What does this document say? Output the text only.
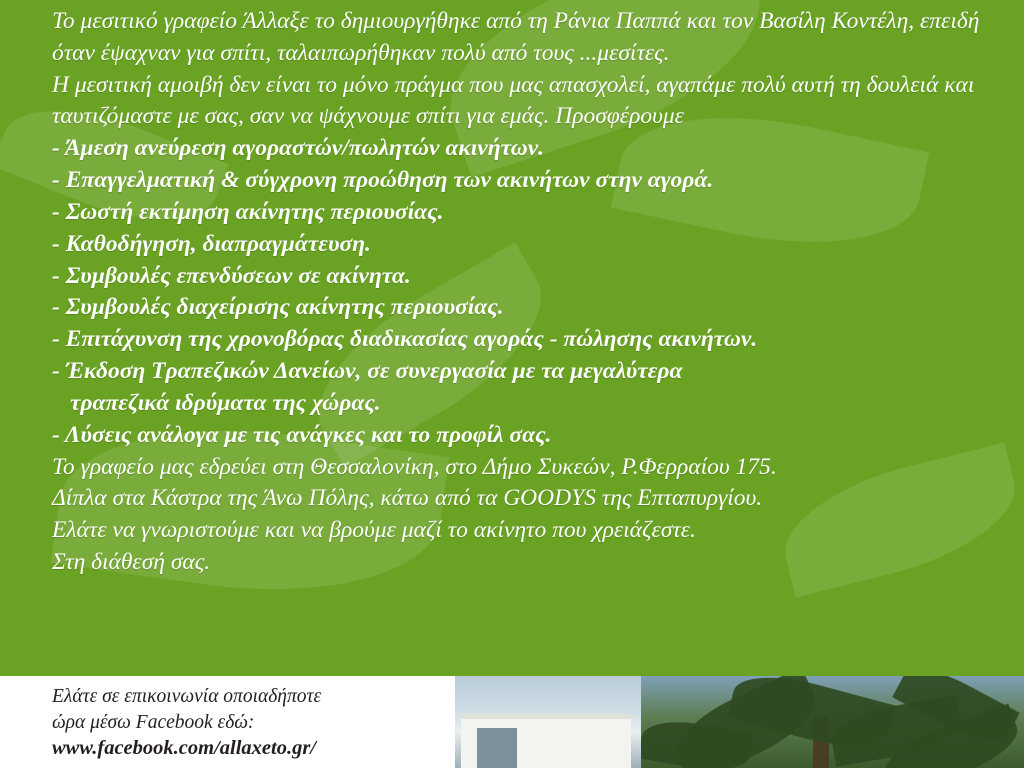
Το μεσιτικό γραφείο Άλλαξε το δημιουργήθηκε από τη Ράνια Παππά και τον Βασίλη Κοντέλη, επειδή όταν έψαχναν για σπίτι, ταλαιπωρήθηκαν πολύ από τους ...μεσίτες.

Η μεσιτική αμοιβή δεν είναι το μόνο πράγμα που μας απασχολεί, αγαπάμε πολύ αυτή τη δουλειά και ταυτιζόμαστε με σας, σαν να ψάχνουμε σπίτι για εμάς. Προσφέρουμε

- Άμεση ανεύρεση αγοραστών/πωλητών ακινήτων.

- Επαγγελματική & σύγχρονη προώθηση των ακινήτων στην αγορά.

- Σωστή εκτίμηση ακίνητης περιουσίας.

- Καθοδήγηση, διαπραγμάτευση.

- Συμβουλές επενδύσεων σε ακίνητα.

- Συμβουλές διαχείρισης ακίνητης περιουσίας.

- Επιτάχυνση της χρονοβόρας διαδικασίας αγοράς - πώλησης ακινήτων.

- Έκδοση Τραπεζικών Δανείων, σε συνεργασία με τα μεγαλύτερα
τραπεζικά ιδρύματα της χώρας.

- Λύσεις ανάλογα με τις ανάγκες και το προφίλ σας.

Το γραφείο μας εδρεύει στη Θεσσαλονίκη, στο Δήμο Συκεών, Ρ.Φερραίου 175.

Δίπλα στα Κάστρα της Άνω Πόλης, κάτω από τα GOODYS της Επταπυργίου.

Ελάτε να γνωριστούμε και να βρούμε μαζί το ακίνητο που χρειάζεστε.

Στη διάθεσή σας.

Ελάτε σε επικοινωνία οποιαδήποτε
ώρα μέσω Facebook εδώ:
www.facebook.com/allaxeto.gr/
